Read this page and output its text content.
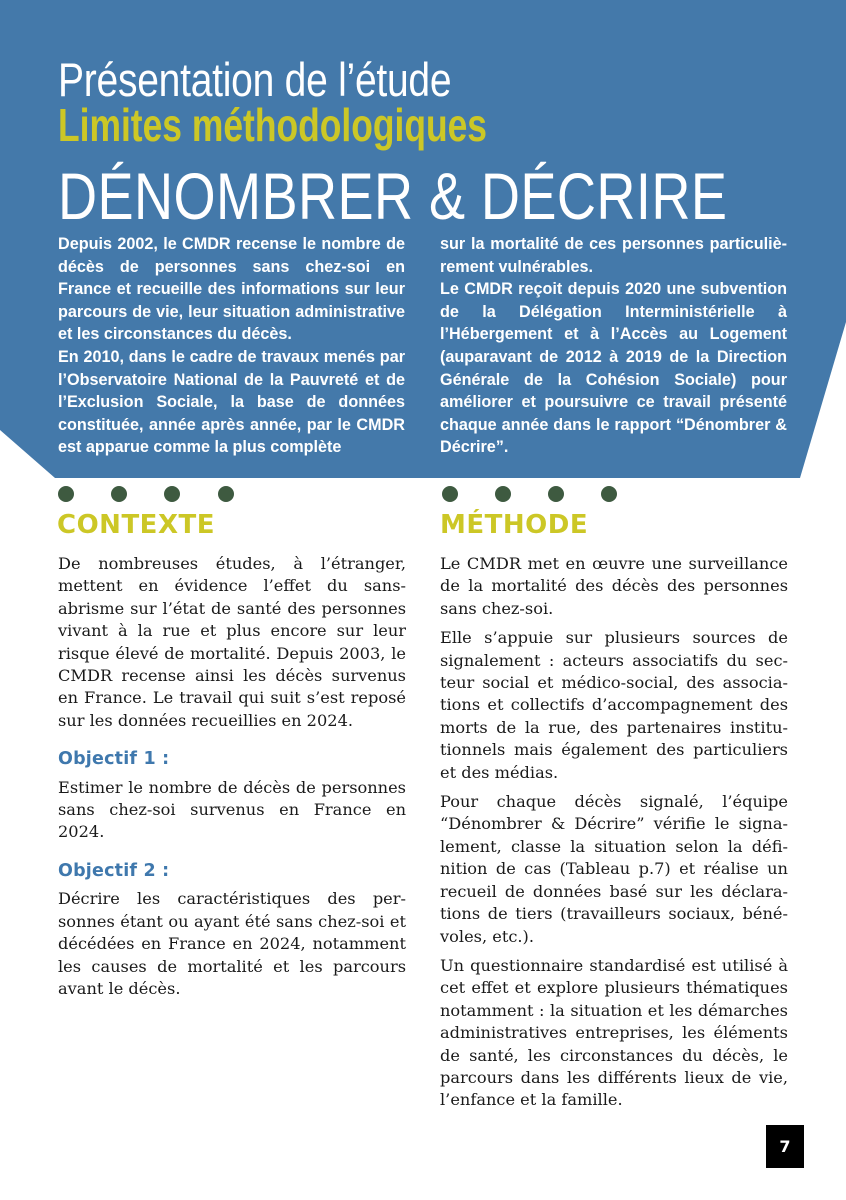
Présentation de l’étude
Limites méthodologiques
DÉNOMBRER & DÉCRIRE

Depuis 2002, le CMDR recense le nombre de décès de personnes sans chez-soi en France et recueille des informations sur leur parcours de vie, leur situation administrative et les circonstances du décès.

En 2010, dans le cadre de travaux menés par l’Observatoire National de la Pauvreté et de l’Exclusion Sociale, la base de données constituée, année après année, par le CMDR est apparue comme la plus complète

sur la mortalité de ces personnes particulièrement vulnérables.

Le CMDR reçoit depuis 2020 une subvention de la Délégation Interministérielle à l’Hébergement et à l’Accès au Logement (auparavant de 2012 à 2019 de la Direction Générale de la Cohésion Sociale) pour améliorer et poursuivre ce travail présenté chaque année dans le rapport “Dénombrer & Décrire”.

CONTEXTE

De nombreuses études, à l’étranger, mettent en évidence l’effet du sans-abrisme sur l’état de santé des personnes vivant à la rue et plus encore sur leur risque élevé de mortalité. Depuis 2003, le CMDR recense ainsi les décès survenus en France. Le travail qui suit s’est reposé sur les données recueillies en 2024.

Objectif 1 :

Estimer le nombre de décès de personnes sans chez-soi survenus en France en 2024.

Objectif 2 :

Décrire les caractéristiques des personnes étant ou ayant été sans chez-soi et décédées en France en 2024, notamment les causes de mortalité et les parcours avant le décès.

MÉTHODE

Le CMDR met en œuvre une surveillance de la mortalité des décès des personnes sans chez-soi.

Elle s’appuie sur plusieurs sources de signalement : acteurs associatifs du secteur social et médico-social, des associations et collectifs d’accompagnement des morts de la rue, des partenaires institutionnels mais également des particuliers et des médias.

Pour chaque décès signalé, l’équipe “Dénombrer & Décrire” vérifie le signalement, classe la situation selon la définition de cas (Tableau p.7) et réalise un recueil de données basé sur les déclarations de tiers (travailleurs sociaux, bénévoles, etc.).

Un questionnaire standardisé est utilisé à cet effet et explore plusieurs thématiques notamment : la situation et les démarches administratives entreprises, les éléments de santé, les circonstances du décès, le parcours dans les différents lieux de vie, l’enfance et la famille.

7
